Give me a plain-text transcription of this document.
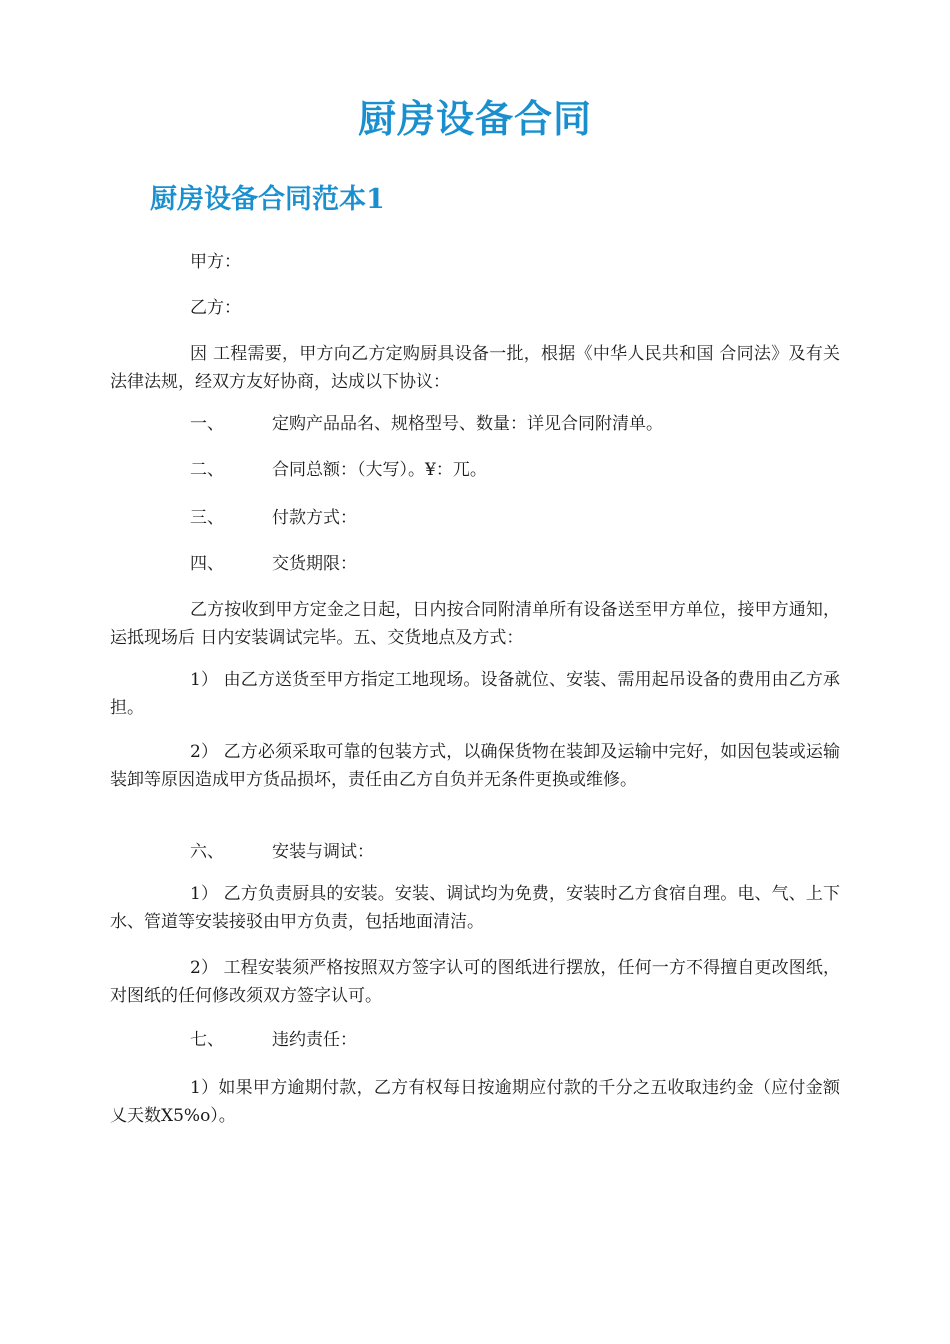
厨房设备合同
厨房设备合同范本1
甲方：
乙方：
因 工程需要，甲方向乙方定购厨具设备一批，根据《中华人民共和国 合同法》及有关法律法规，经双方友好协商，达成以下协议：
一、	定购产品品名、规格型号、数量：详见合同附清单。
二、	合同总额：（大写）。¥：兀。
三、	付款方式：
四、	交货期限：
乙方按收到甲方定金之日起，日内按合同附清单所有设备送至甲方单位，接甲方通知，运抵现场后 日内安装调试完毕。五、交货地点及方式：
1） 由乙方送货至甲方指定工地现场。设备就位、安装、需用起吊设备的费用由乙方承担。
2） 乙方必须采取可靠的包装方式，以确保货物在装卸及运输中完好，如因包装或运输装卸等原因造成甲方货品损坏，责任由乙方自负并无条件更换或维修。
六、	安装与调试：
1） 乙方负责厨具的安装。安装、调试均为免费，安装时乙方食宿自理。电、气、上下水、管道等安装接驳由甲方负责，包括地面清洁。
2） 工程安装须严格按照双方签字认可的图纸进行摆放，任何一方不得擅自更改图纸，对图纸的任何修改须双方签字认可。
七、	违约责任：
1）如果甲方逾期付款，乙方有权每日按逾期应付款的千分之五收取违约金（应付金额乂天数X5%o）。
